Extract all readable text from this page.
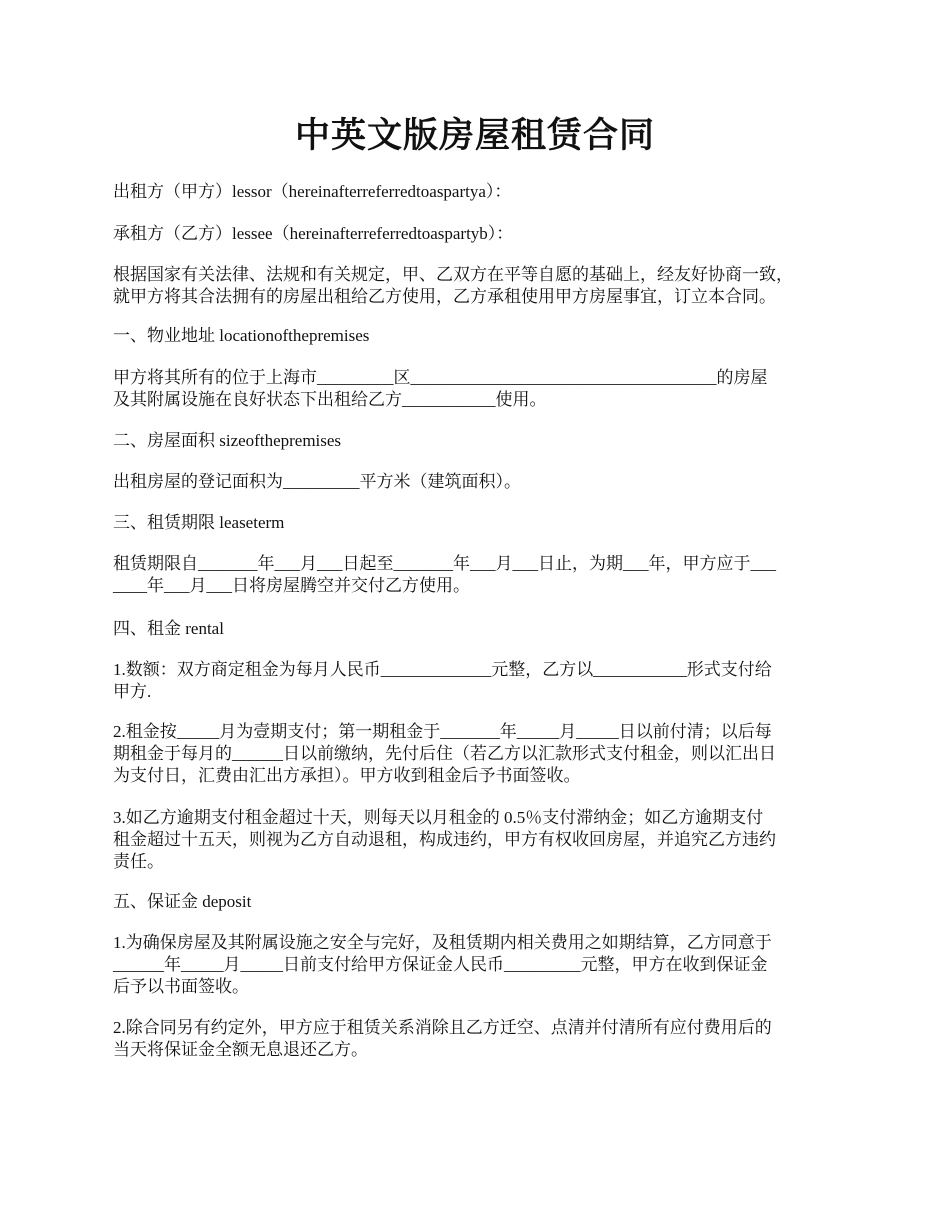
中英文版房屋租赁合同

出租方（甲方）lessor（hereinafterreferredtoaspartya）：

承租方（乙方）lessee（hereinafterreferredtoaspartyb）：

根据国家有关法律、法规和有关规定，甲、乙双方在平等自愿的基础上，经友好协商一致，
就甲方将其合法拥有的房屋出租给乙方使用，乙方承租使用甲方房屋事宜，订立本合同。

一、物业地址 locationofthepremises

甲方将其所有的位于上海市_________区____________________________________的房屋
及其附属设施在良好状态下出租给乙方___________使用。

二、房屋面积 sizeofthepremises

出租房屋的登记面积为_________平方米（建筑面积）。

三、租赁期限 leaseterm

租赁期限自_______年___月___日起至_______年___月___日止，为期___年，甲方应于___
____年___月___日将房屋腾空并交付乙方使用。

四、租金 rental

1.数额：双方商定租金为每月人民币_____________元整，乙方以___________形式支付给
甲方.

2.租金按_____月为壹期支付；第一期租金于_______年_____月_____日以前付清；以后每
期租金于每月的______日以前缴纳，先付后住（若乙方以汇款形式支付租金，则以汇出日
为支付日，汇费由汇出方承担）。甲方收到租金后予书面签收。

3.如乙方逾期支付租金超过十天，则每天以月租金的 0.5％支付滞纳金；如乙方逾期支付
租金超过十五天，则视为乙方自动退租，构成违约，甲方有权收回房屋，并追究乙方违约
责任。

五、保证金 deposit

1.为确保房屋及其附属设施之安全与完好，及租赁期内相关费用之如期结算，乙方同意于
______年_____月_____日前支付给甲方保证金人民币_________元整，甲方在收到保证金
后予以书面签收。

2.除合同另有约定外，甲方应于租赁关系消除且乙方迁空、点清并付清所有应付费用后的
当天将保证金全额无息退还乙方。
